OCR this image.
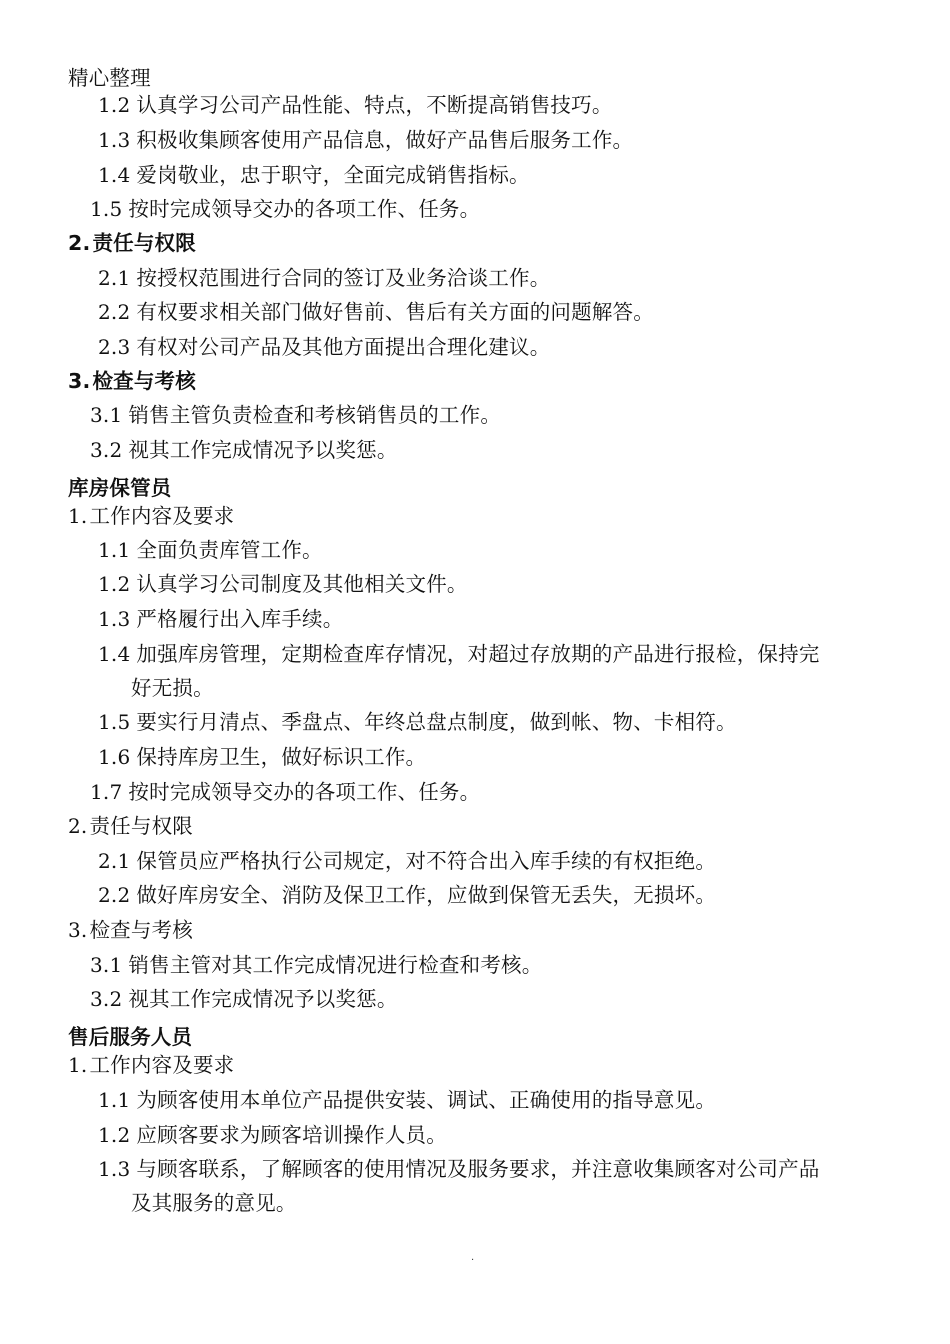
精心整理
1.2 认真学习公司产品性能、特点，不断提高销售技巧。
1.3 积极收集顾客使用产品信息，做好产品售后服务工作。
1.4 爱岗敬业，忠于职守，全面完成销售指标。
1.5 按时完成领导交办的各项工作、任务。
2.责任与权限
2.1 按授权范围进行合同的签订及业务洽谈工作。
2.2 有权要求相关部门做好售前、售后有关方面的问题解答。
2.3 有权对公司产品及其他方面提出合理化建议。
3.检查与考核
3.1 销售主管负责检查和考核销售员的工作。
3.2 视其工作完成情况予以奖惩。
库房保管员
1.工作内容及要求
1.1 全面负责库管工作。
1.2 认真学习公司制度及其他相关文件。
1.3 严格履行出入库手续。
1.4 加强库房管理，定期检查库存情况，对超过存放期的产品进行报检，保持完
好无损。
1.5 要实行月清点、季盘点、年终总盘点制度，做到帐、物、卡相符。
1.6 保持库房卫生，做好标识工作。
1.7 按时完成领导交办的各项工作、任务。
2.责任与权限
2.1 保管员应严格执行公司规定，对不符合出入库手续的有权拒绝。
2.2 做好库房安全、消防及保卫工作，应做到保管无丢失，无损坏。
3.检查与考核
3.1 销售主管对其工作完成情况进行检查和考核。
3.2 视其工作完成情况予以奖惩。
售后服务人员
1.工作内容及要求
1.1 为顾客使用本单位产品提供安装、调试、正确使用的指导意见。
1.2 应顾客要求为顾客培训操作人员。
1.3 与顾客联系，了解顾客的使用情况及服务要求，并注意收集顾客对公司产品
及其服务的意见。
.
